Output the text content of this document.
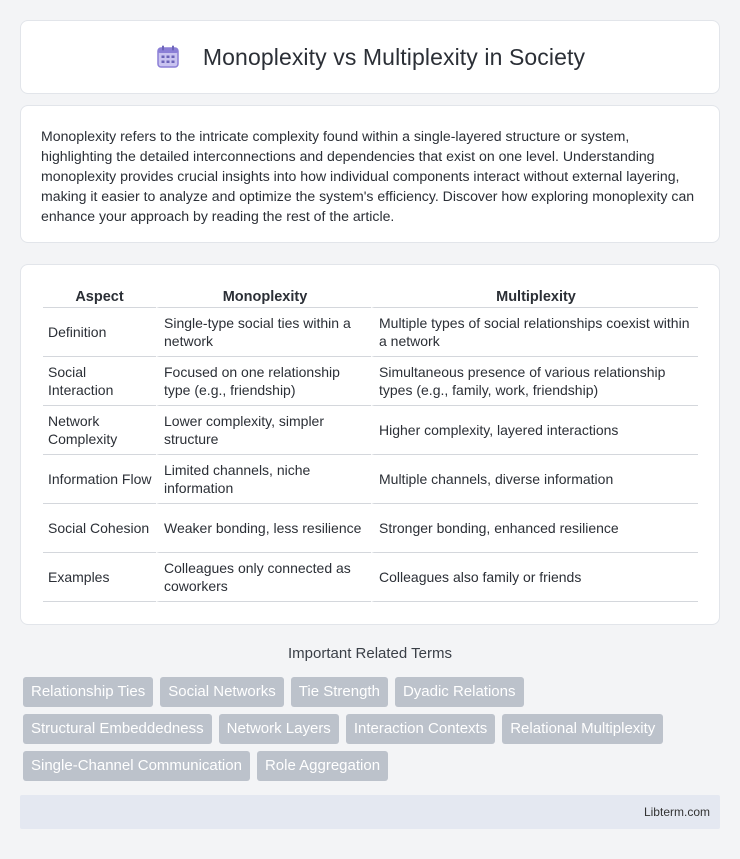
Monoplexity vs Multiplexity in Society

Monoplexity refers to the intricate complexity found within a single-layered structure or system, highlighting the detailed interconnections and dependencies that exist on one level. Understanding monoplexity provides crucial insights into how individual components interact without external layering, making it easier to analyze and optimize the system's efficiency. Discover how exploring monoplexity can enhance your approach by reading the rest of the article.

Aspect	Monoplexity	Multiplexity
Definition	Single-type social ties within a network	Multiple types of social relationships coexist within a network
Social Interaction	Focused on one relationship type (e.g., friendship)	Simultaneous presence of various relationship types (e.g., family, work, friendship)
Network Complexity	Lower complexity, simpler structure	Higher complexity, layered interactions
Information Flow	Limited channels, niche information	Multiple channels, diverse information
Social Cohesion	Weaker bonding, less resilience	Stronger bonding, enhanced resilience
Examples	Colleagues only connected as coworkers	Colleagues also family or friends
Important Related Terms
Relationship Ties	Social Networks	Tie Strength	Dyadic Relations
Structural Embeddedness	Network Layers	Interaction Contexts	Relational Multiplexity
Single-Channel Communication	Role Aggregation
Libterm.com
